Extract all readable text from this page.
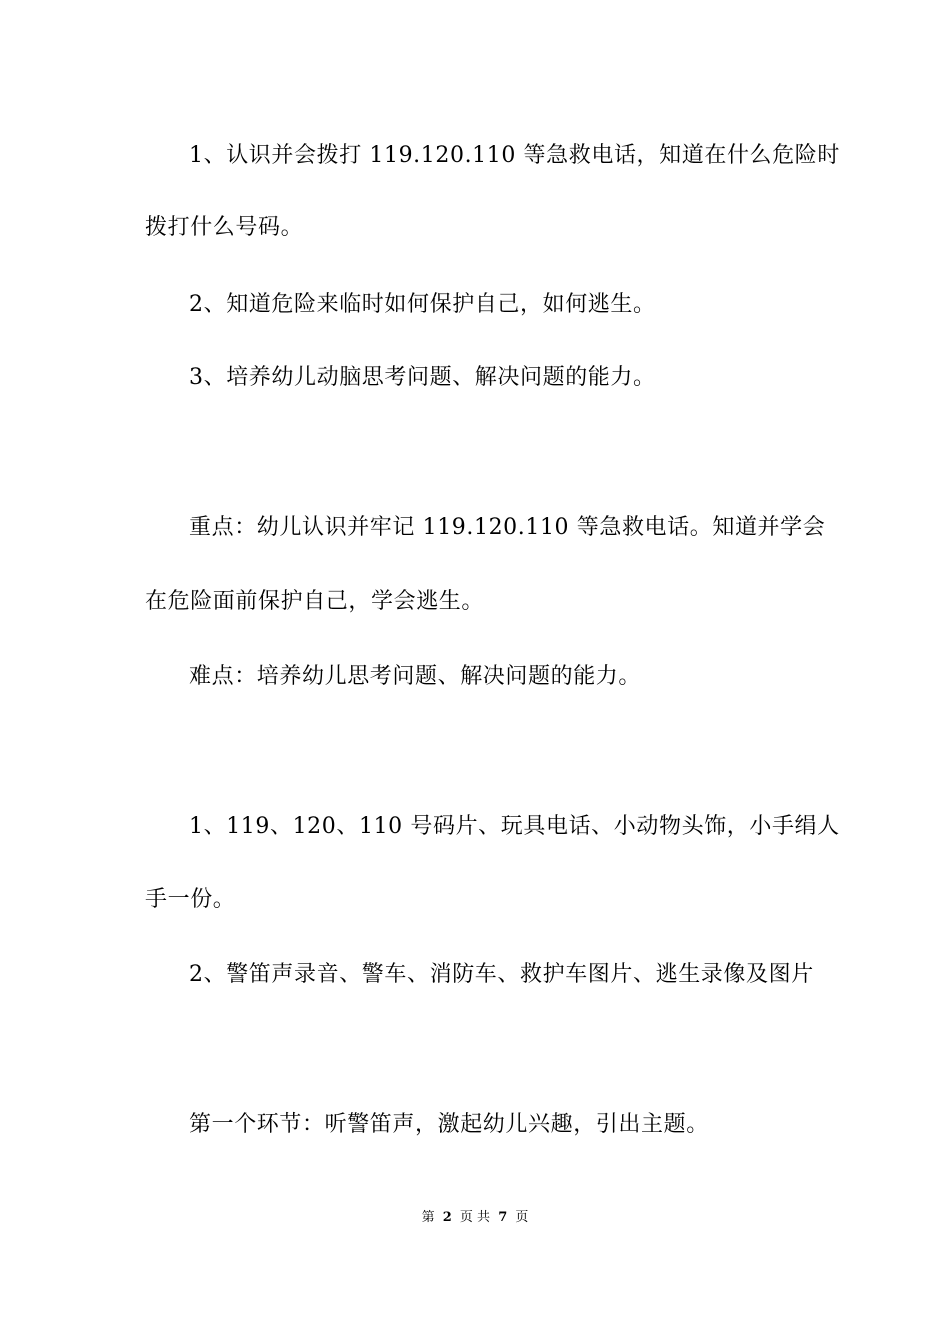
1、认识并会拨打 119.120.110 等急救电话，知道在什么危险时
拨打什么号码。
2、知道危险来临时如何保护自己，如何逃生。
3、培养幼儿动脑思考问题、解决问题的能力。
重点：幼儿认识并牢记 119.120.110 等急救电话。知道并学会
在危险面前保护自己，学会逃生。
难点：培养幼儿思考问题、解决问题的能力。
1、119、120、110 号码片、玩具电话、小动物头饰，小手绢人
手一份。
2、警笛声录音、警车、消防车、救护车图片、逃生录像及图片
第一个环节：听警笛声，激起幼儿兴趣，引出主题。
第 2 页 共 7 页
